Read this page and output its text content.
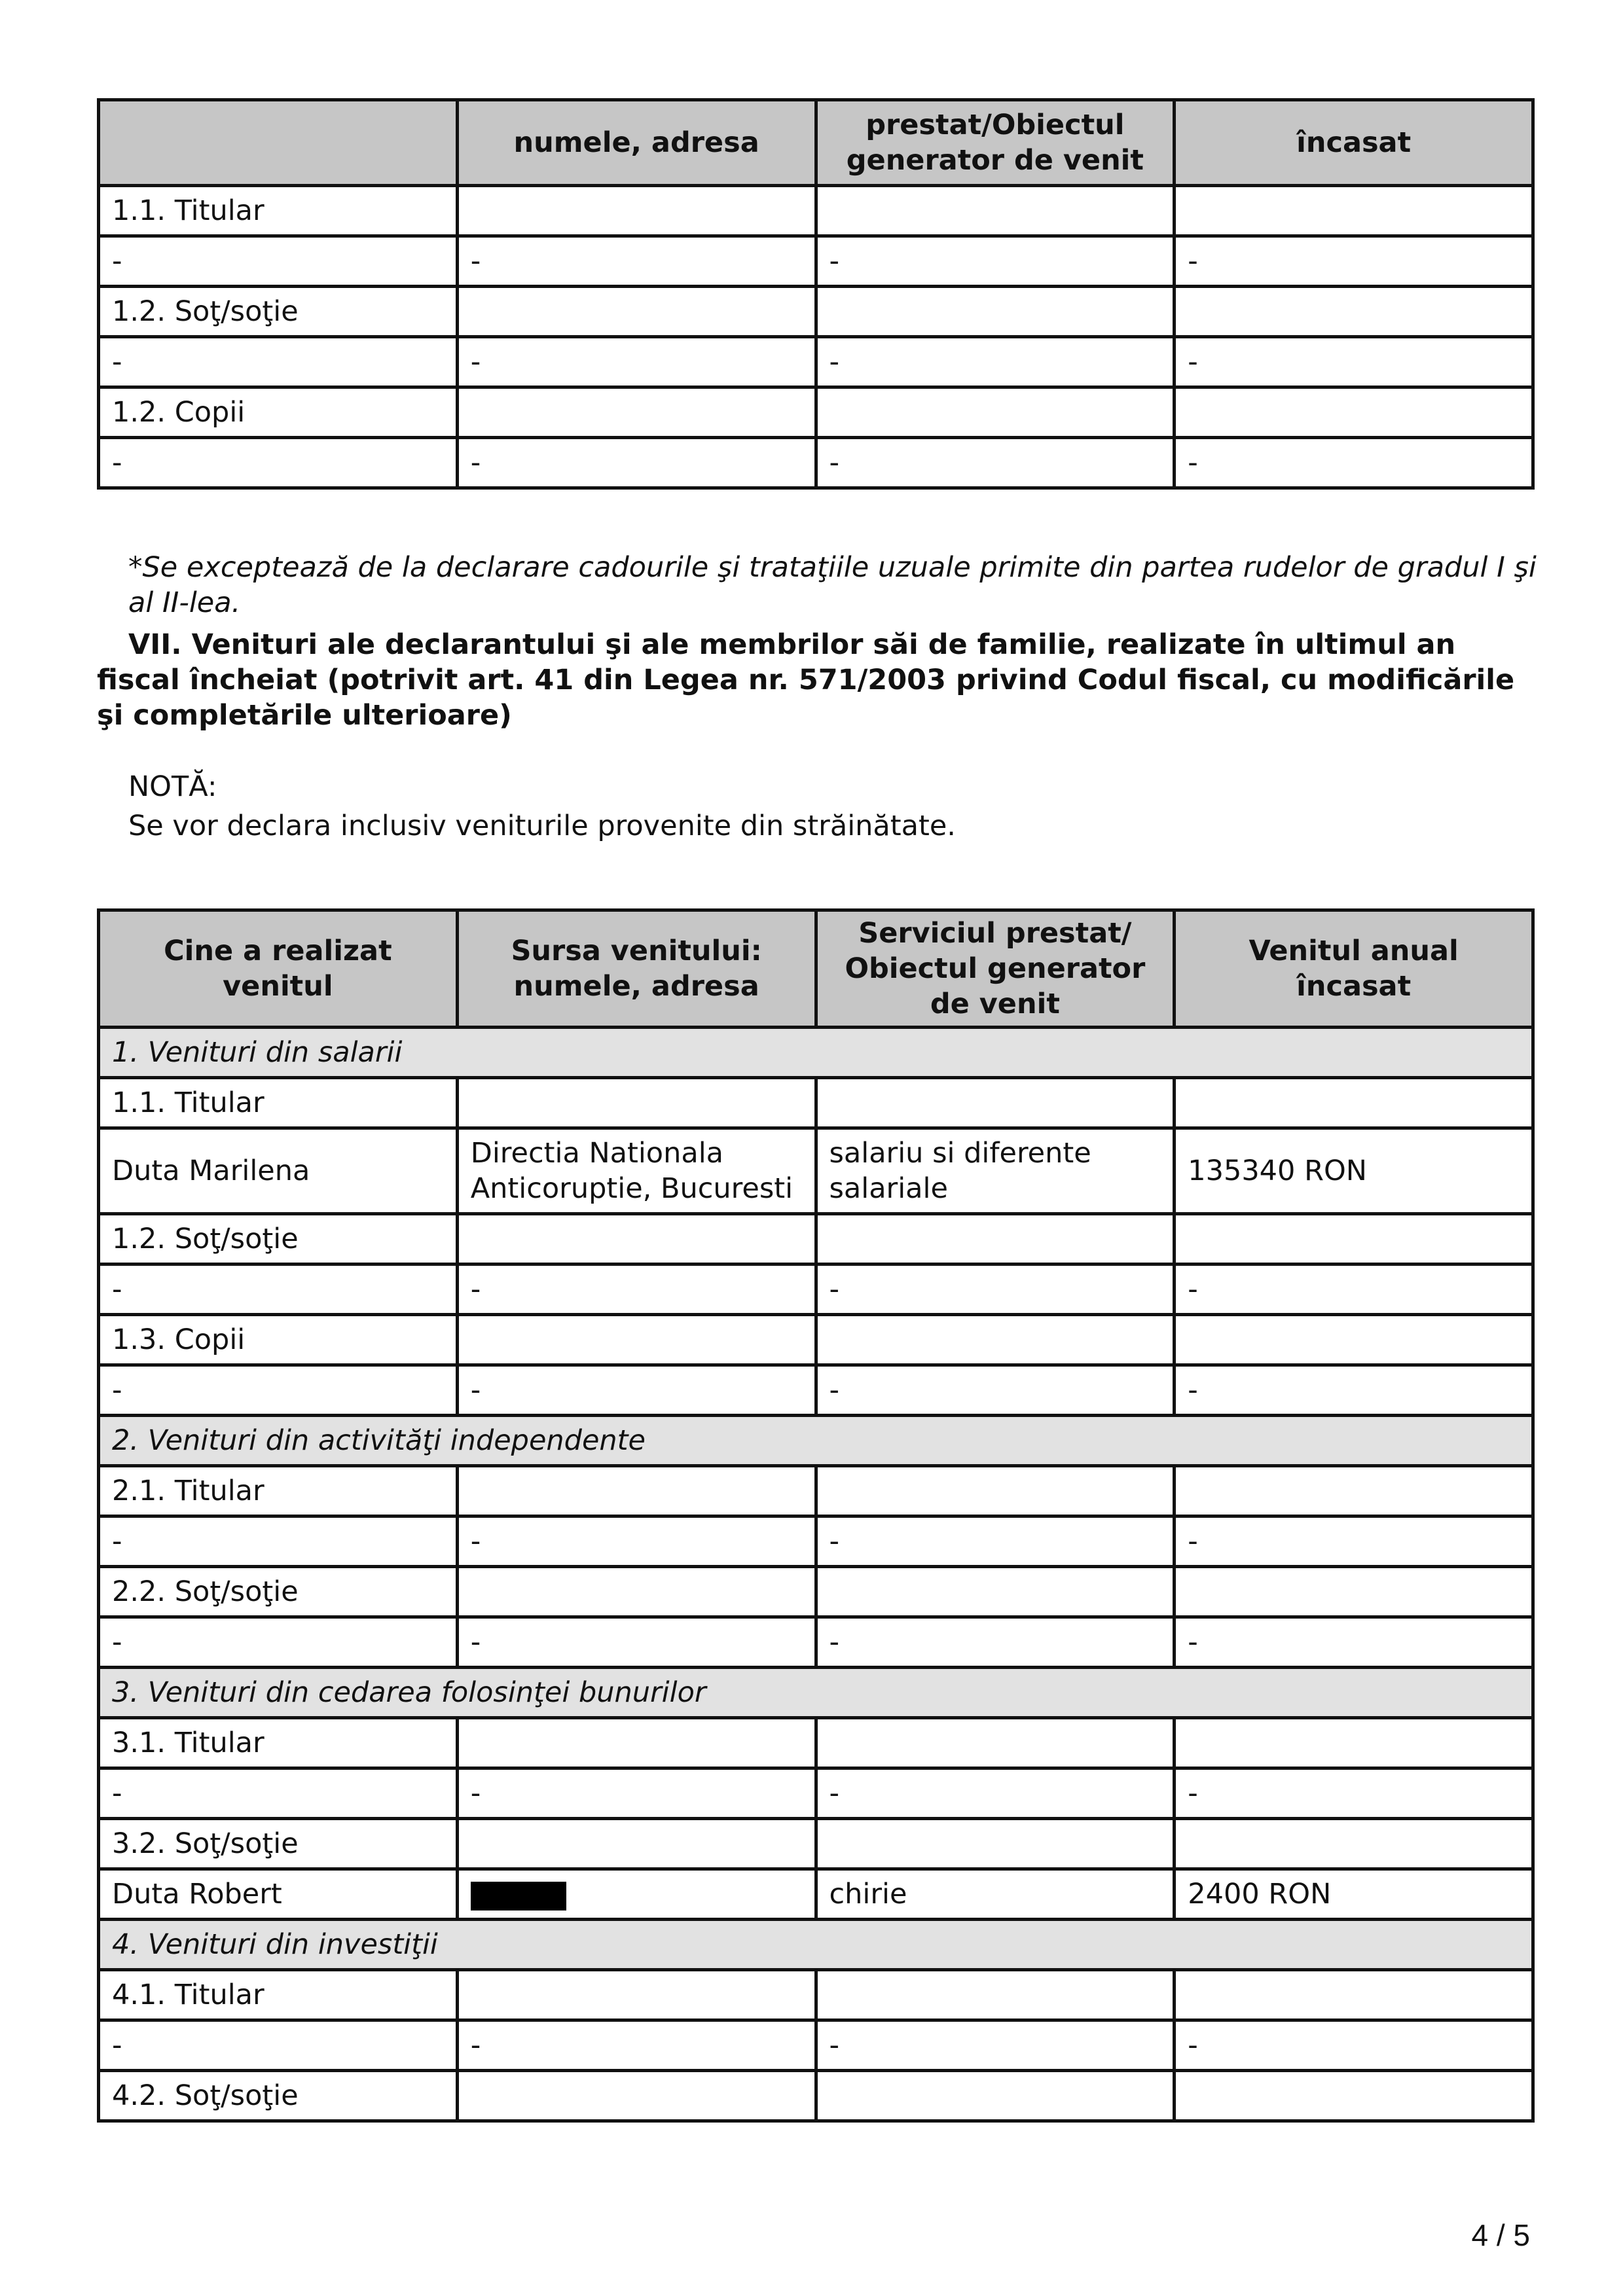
	numele, adresa	prestat/Obiectul generator de venit	încasat
1.1. Titular			
-	-	-	-
1.2. Soţ/soţie			
-	-	-	-
1.2. Copii			
-	-	-	-

*Se exceptează de la declarare cadourile şi trataţiile uzuale primite din partea rudelor de gradul I şi al II-lea.

VII. Venituri ale declarantului şi ale membrilor săi de familie, realizate în ultimul an fiscal încheiat (potrivit art. 41 din Legea nr. 571/2003 privind Codul fiscal, cu modificările şi completările ulterioare)

NOTĂ:
Se vor declara inclusiv veniturile provenite din străinătate.
Cine a realizat venitul	Sursa venitului: numele, adresa	Serviciul prestat/ Obiectul generator de venit	Venitul anual încasat
1. Venituri din salarii			
1.1. Titular			
Duta Marilena	Directia Nationala Anticoruptie, Bucuresti	salariu si diferente salariale	135340 RON
1.2. Soţ/soţie			
-	-	-	-
1.3. Copii			
-	-	-	-
2. Venituri din activităţi independente			
2.1. Titular			
-	-	-	-
2.2. Soţ/soţie			
-	-	-	-
3. Venituri din cedarea folosinţei bunurilor			
3.1. Titular			
-	-	-	-
3.2. Soţ/soţie			
Duta Robert		chirie	2400 RON
4. Venituri din investiţii			
4.1. Titular			
-	-	-	-
4.2. Soţ/soţie			
4 / 5
